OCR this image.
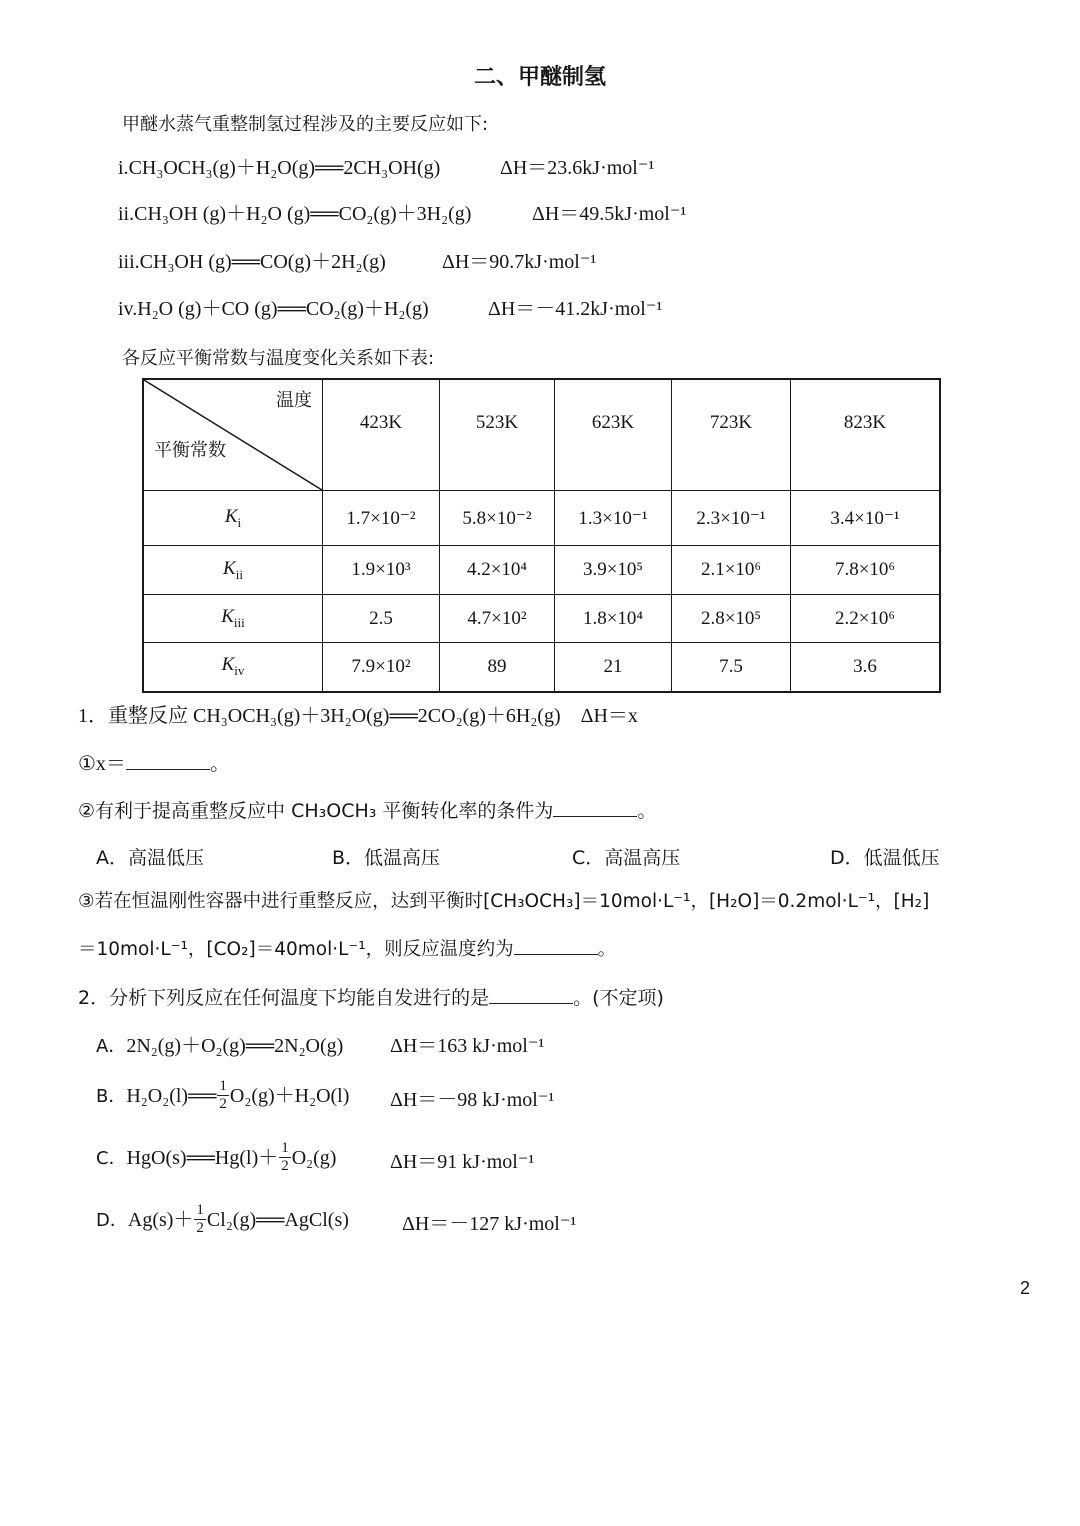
二、甲醚制氢
甲醚水蒸气重整制氢过程涉及的主要反应如下:
i.CH₃OCH₃(g)＋H₂O(g)══2CH₃OH(g)	ΔH＝23.6kJ·mol⁻¹
ii.CH₃OH (g)＋H₂O (g)══CO₂(g)＋3H₂(g)	ΔH＝49.5kJ·mol⁻¹
iii.CH₃OH (g)══CO(g)＋2H₂(g)	ΔH＝90.7kJ·mol⁻¹
iv.H₂O (g)＋CO (g)══CO₂(g)＋H₂(g)	ΔH＝－41.2kJ·mol⁻¹
各反应平衡常数与温度变化关系如下表:
温度
平衡常数	423K	523K	623K	723K	823K
$K_i$	1.7×10⁻²	5.8×10⁻²	1.3×10⁻¹	2.3×10⁻¹	3.4×10⁻¹
$K_{ii}$	1.9×10³	4.2×10⁴	3.9×10⁵	2.1×10⁶	7.8×10⁶
$K_{iii}$	2.5	4.7×10²	1.8×10⁴	2.8×10⁵	2.2×10⁶
$K_{iv}$	7.9×10²	89	21	7.5	3.6
1．重整反应 CH₃OCH₃(g)＋3H₂O(g)══2CO₂(g)＋6H₂(g)　ΔH＝x
①x＝	。
②有利于提高重整反应中 CH₃OCH₃ 平衡转化率的条件为	。
A．高温低压	B．低温高压	C．高温高压	D．低温低压
③若在恒温刚性容器中进行重整反应，达到平衡时[CH₃OCH₃]＝10mol·L⁻¹，[H₂O]＝0.2mol·L⁻¹，[H₂]
＝10mol·L⁻¹，[CO₂]＝40mol·L⁻¹，则反应温度约为	。
2．分析下列反应在任何温度下均能自发进行的是	。(不定项)
A．2N₂(g)＋O₂(g)══2N₂O(g) ΔH＝163 kJ·mol⁻¹
B．H₂O₂(l)══ $\frac{1}{2} O_2(g)+H_2O(l)$ ΔH＝－98 kJ·mol⁻¹
C．HgO(s)══Hg(l)＋ $\frac{1}{2} O_2(g)$	ΔH＝91 kJ·mol⁻¹
D．$Ag(s)+ \frac{1}{2}$ Cl₂(g)══AgCl(s)	ΔH＝－127 kJ·mol⁻¹
2
